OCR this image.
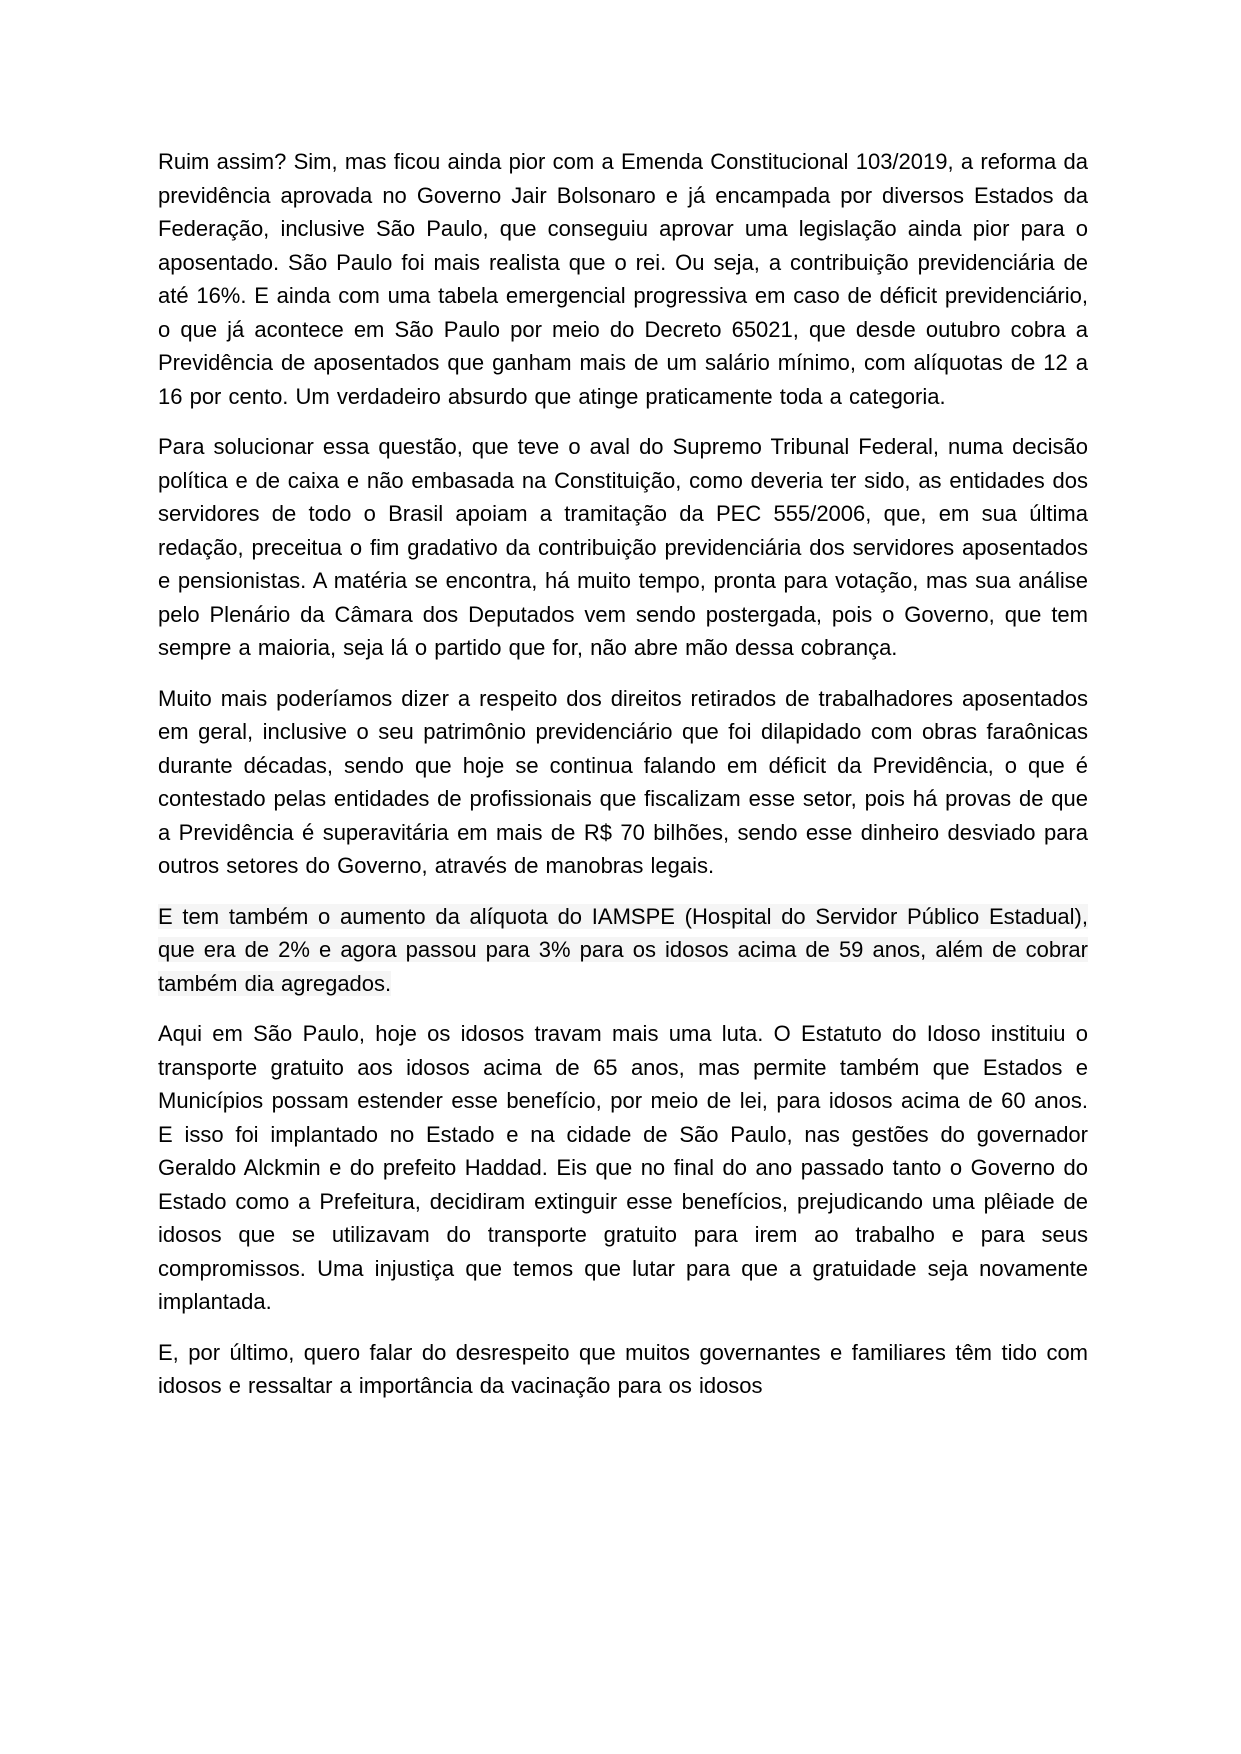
Ruim assim? Sim, mas ficou ainda pior com a Emenda Constitucional 103/2019, a reforma da previdência aprovada no Governo Jair Bolsonaro e já encampada por diversos Estados da Federação, inclusive São Paulo, que conseguiu aprovar uma legislação ainda pior para o aposentado. São Paulo foi mais realista que o rei. Ou seja, a contribuição previdenciária de até 16%. E ainda com uma tabela emergencial progressiva em caso de déficit previdenciário, o que já acontece em São Paulo por meio do Decreto 65021, que desde outubro cobra a Previdência de aposentados que ganham mais de um salário mínimo, com alíquotas de 12 a 16 por cento. Um verdadeiro absurdo que atinge praticamente toda a categoria.

Para solucionar essa questão, que teve o aval do Supremo Tribunal Federal, numa decisão política e de caixa e não embasada na Constituição, como deveria ter sido, as entidades dos servidores de todo o Brasil apoiam a tramitação da PEC 555/2006, que, em sua última redação, preceitua o fim gradativo da contribuição previdenciária dos servidores aposentados e pensionistas. A matéria se encontra, há muito tempo, pronta para votação, mas sua análise pelo Plenário da Câmara dos Deputados vem sendo postergada, pois o Governo, que tem sempre a maioria, seja lá o partido que for, não abre mão dessa cobrança.

Muito mais poderíamos dizer a respeito dos direitos retirados de trabalhadores aposentados em geral, inclusive o seu patrimônio previdenciário que foi dilapidado com obras faraônicas durante décadas, sendo que hoje se continua falando em déficit da Previdência, o que é contestado pelas entidades de profissionais que fiscalizam esse setor, pois há provas de que a Previdência é superavitária em mais de R$ 70 bilhões, sendo esse dinheiro desviado para outros setores do Governo, através de manobras legais.

E tem também o aumento da alíquota do IAMSPE (Hospital do Servidor Público Estadual), que era de 2% e agora passou para 3% para os idosos acima de 59 anos, além de cobrar também dia agregados.

Aqui em São Paulo, hoje os idosos travam mais uma luta. O Estatuto do Idoso instituiu o transporte gratuito aos idosos acima de 65 anos, mas permite também que Estados e Municípios possam estender esse benefício, por meio de lei, para idosos acima de 60 anos. E isso foi implantado no Estado e na cidade de São Paulo, nas gestões do governador Geraldo Alckmin e do prefeito Haddad. Eis que no final do ano passado tanto o Governo do Estado como a Prefeitura, decidiram extinguir esse benefícios, prejudicando uma plêiade de idosos que se utilizavam do transporte gratuito para irem ao trabalho e para seus compromissos. Uma injustiça que temos que lutar para que a gratuidade seja novamente implantada.

E, por último, quero falar do desrespeito que muitos governantes e familiares têm tido com idosos e ressaltar a importância da vacinação para os idosos
